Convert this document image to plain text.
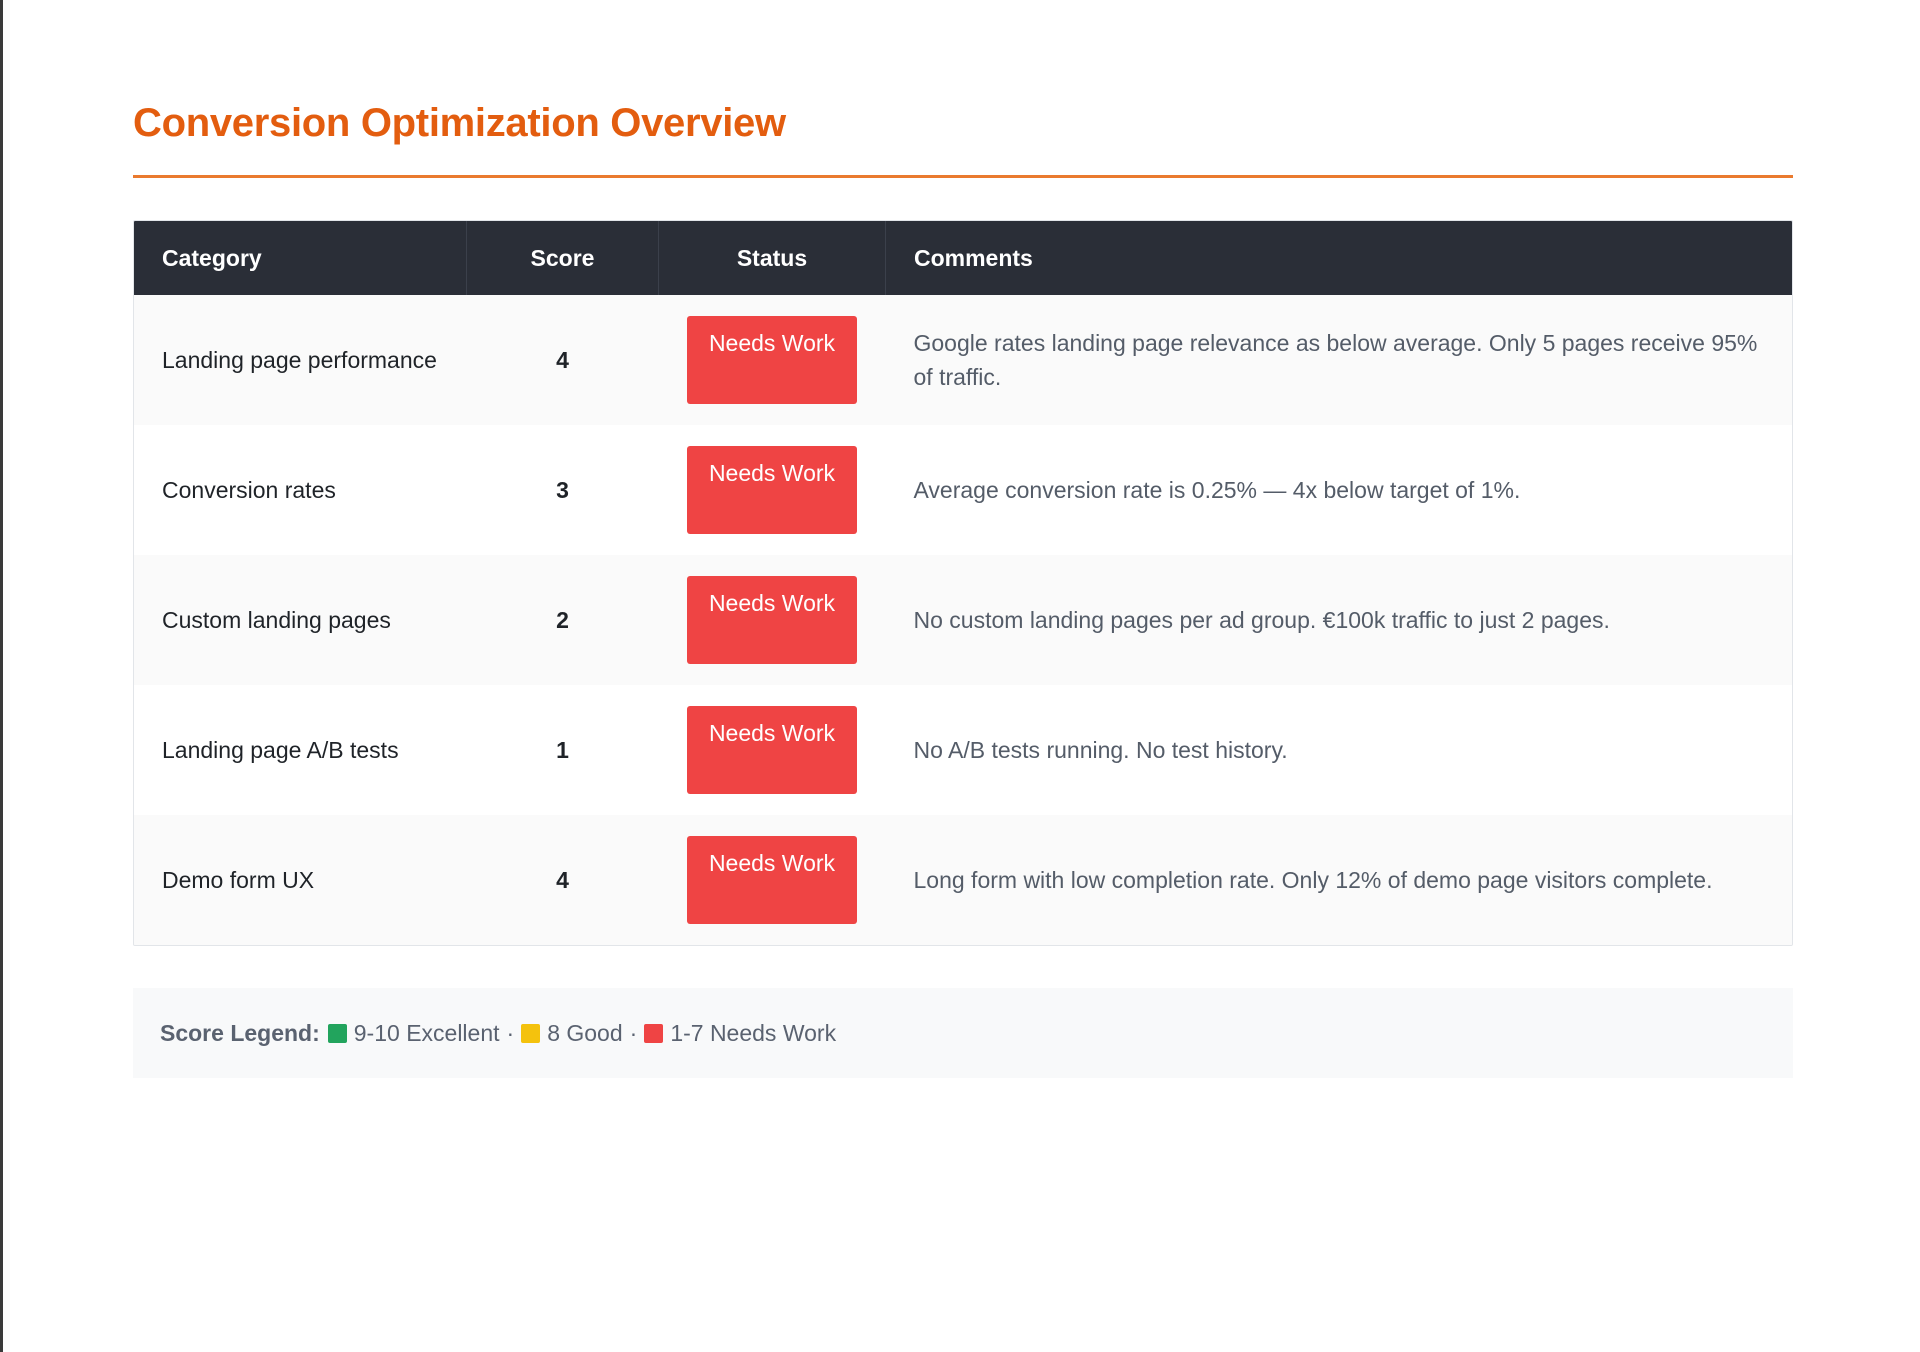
Conversion Optimization Overview
Category	Score	Status	Comments
Landing page performance	4	Needs Work	Google rates landing page relevance as below average. Only 5 pages receive 95% of traffic.
Conversion rates	3	Needs Work	Average conversion rate is 0.25% — 4x below target of 1%.
Custom landing pages	2	Needs Work	No custom landing pages per ad group. €100k traffic to just 2 pages.
Landing page A/B tests	1	Needs Work	No A/B tests running. No test history.
Demo form UX	4	Needs Work	Long form with low completion rate. Only 12% of demo page visitors complete.
Score Legend: 9-10 Excellent · 8 Good · 1-7 Needs Work
